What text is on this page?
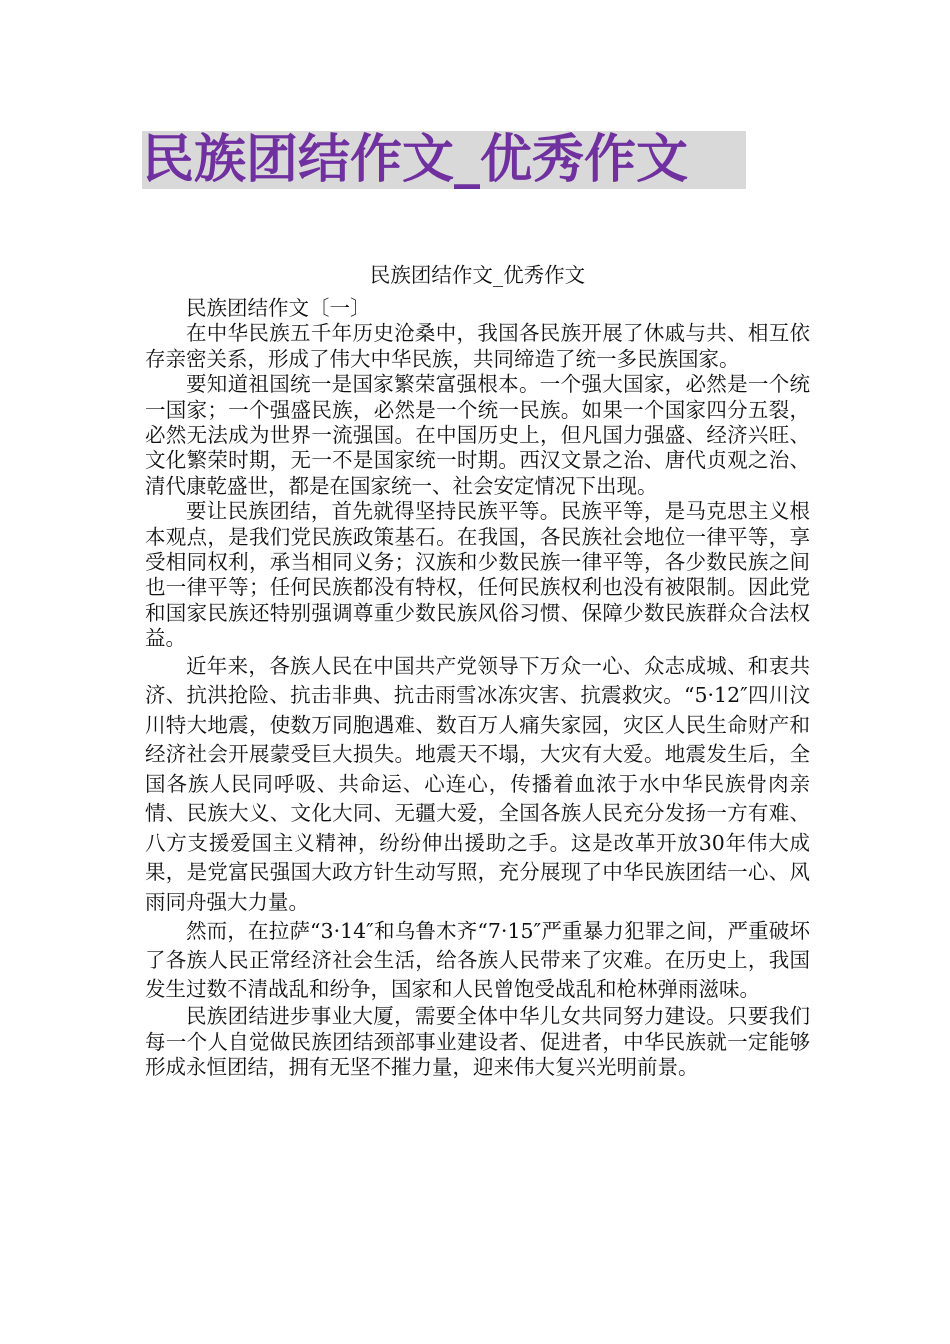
民族团结作文_优秀作文
民族团结作文_优秀作文

民族团结作文〔一〕

在中华民族五千年历史沧桑中，我国各民族开展了休戚与共、相互依存亲密关系，形成了伟大中华民族，共同缔造了统一多民族国家。

要知道祖国统一是国家繁荣富强根本。一个强大国家，必然是一个统一国家；一个强盛民族，必然是一个统一民族。如果一个国家四分五裂，必然无法成为世界一流强国。在中国历史上，但凡国力强盛、经济兴旺、文化繁荣时期，无一不是国家统一时期。西汉文景之治、唐代贞观之治、清代康乾盛世，都是在国家统一、社会安定情况下出现。

要让民族团结，首先就得坚持民族平等。民族平等，是马克思主义根本观点，是我们党民族政策基石。在我国，各民族社会地位一律平等，享受相同权利，承当相同义务；汉族和少数民族一律平等，各少数民族之间也一律平等；任何民族都没有特权，任何民族权利也没有被限制。因此党和国家民族还特别强调尊重少数民族风俗习惯、保障少数民族群众合法权益。

近年来，各族人民在中国共产党领导下万众一心、众志成城、和衷共济、抗洪抢险、抗击非典、抗击雨雪冰冻灾害、抗震救灾。“5·12″四川汶川特大地震，使数万同胞遇难、数百万人痛失家园，灾区人民生命财产和经济社会开展蒙受巨大损失。地震天不塌，大灾有大爱。地震发生后，全国各族人民同呼吸、共命运、心连心，传播着血浓于水中华民族骨肉亲情、民族大义、文化大同、无疆大爱，全国各族人民充分发扬一方有难、八方支援爱国主义精神，纷纷伸出援助之手。这是改革开放30年伟大成果，是党富民强国大政方针生动写照，充分展现了中华民族团结一心、风雨同舟强大力量。

然而，在拉萨“3·14″和乌鲁木齐“7·15″严重暴力犯罪之间，严重破坏了各族人民正常经济社会生活，给各族人民带来了灾难。在历史上，我国发生过数不清战乱和纷争，国家和人民曾饱受战乱和枪林弹雨滋味。

民族团结进步事业大厦，需要全体中华儿女共同努力建设。只要我们每一个人自觉做民族团结颈部事业建设者、促进者，中华民族就一定能够形成永恒团结，拥有无坚不摧力量，迎来伟大复兴光明前景。
